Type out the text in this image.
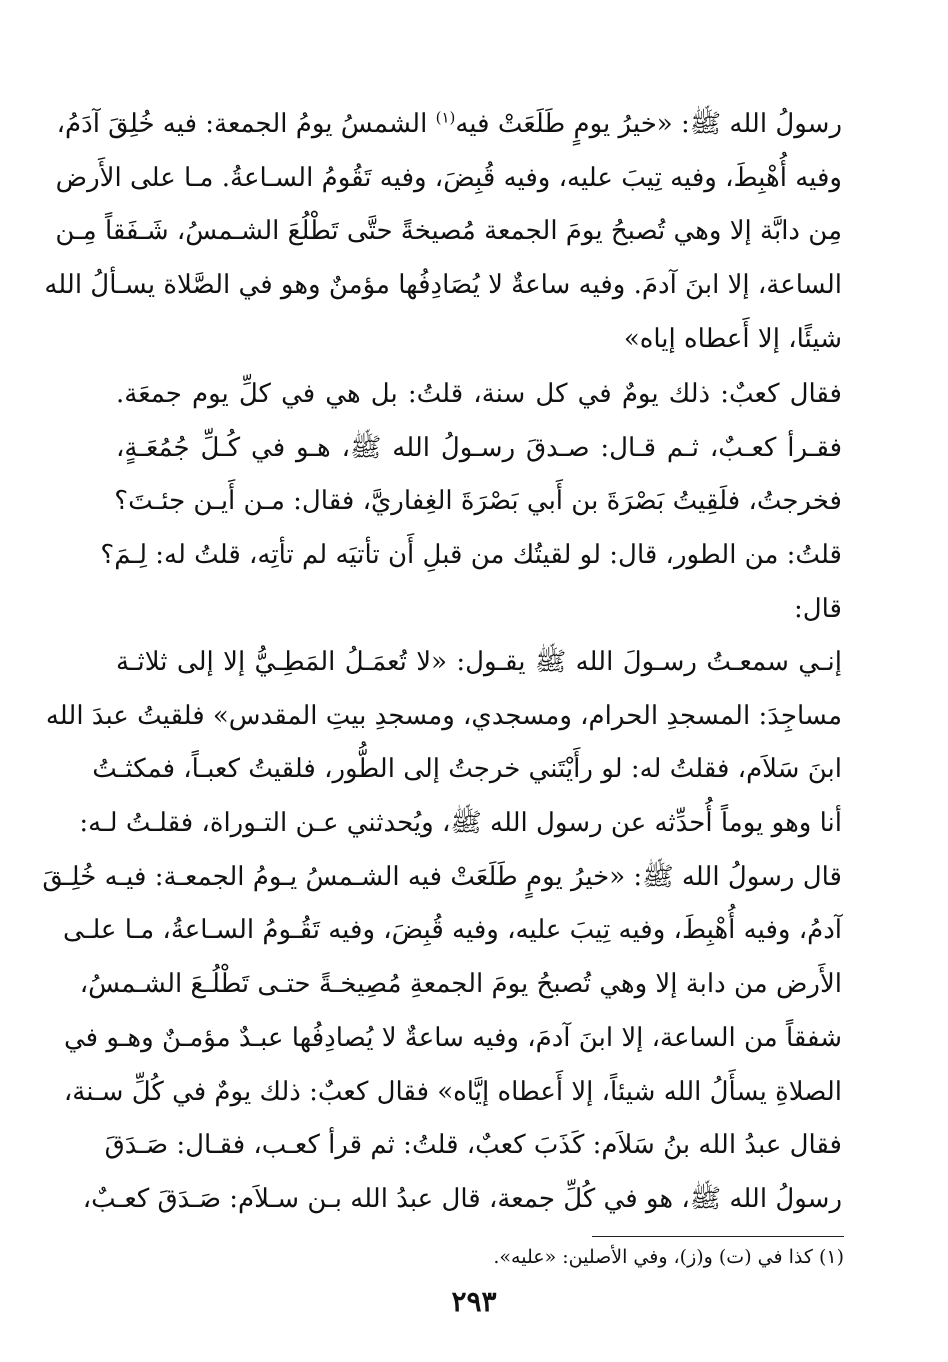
رسولُ الله ﷺ: «خيرُ يومٍ طَلَعَتْ فيه$^{(١)}$ الشمسُ يومُ الجمعة: فيه خُلِقَ آدَمُ،
وفيه أُهْبِطَ، وفيه تِيبَ عليه، وفيه قُبِضَ، وفيه تَقُومُ السـاعةُ. مـا على الأَرض
مِن دابَّة إلا وهي تُصبحُ يومَ الجمعة مُصيخةً حتَّى تَطْلُعَ الشـمسُ، شَـفَقاً مِـن
الساعة، إلا ابنَ آدمَ. وفيه ساعةٌ لا يُصَادِفُها مؤمنٌ وهو في الصَّلاة يسـألُ الله
شيئًا، إلا أَعطاه إياه»
فقال كعبٌ: ذلك يومٌ في كل سنة، قلتُ: بل هي في كلِّ يوم جمعَة.
فقـرأ كعـبٌ، ثـم قـال: صـدقَ رسـولُ الله ﷺ، هـو في كُـلِّ جُمُعَـةٍ،
فخرجتُ، فلَقِيتُ بَصْرَةَ بن أَبي بَصْرَةَ الغِفاريَّ، فقال: مـن أَيـن جئـتَ؟
قلتُ: من الطور، قال: لو لقيتُك من قبلِ أَن تأتيَه لم تأتِه، قلتُ له: لِـمَ؟
قال:
إنـي سمعـتُ رسـولَ الله ﷺ يقـول: «لا تُعمَـلُ المَطِـيُّ إلا إلى ثلاثـة
مساجِدَ: المسجدِ الحرام، ومسجدي، ومسجدِ بيتِ المقدس» فلقيتُ عبدَ الله
ابنَ سَلاَم، فقلتُ له: لو رأَيْتَني خرجتُ إلى الطُّور، فلقيتُ كعبـاً، فمكثـتُ
أنا وهو يوماً أُحدِّثه عن رسول الله ﷺ، ويُحدثني عـن التـوراة، فقلـتُ لـه:
قال رسولُ الله ﷺ: «خيرُ يومٍ طَلَعَتْ فيه الشـمسُ يـومُ الجمعـة: فيـه خُلِـقَ
آدمُ، وفيه أُهْبِطَ، وفيه تِيبَ عليه، وفيه قُبِضَ، وفيه تَقُـومُ السـاعةُ، مـا علـى
الأَرض من دابة إلا وهي تُصبحُ يومَ الجمعةِ مُصِيخـةً حتـى تَطْلُـعَ الشـمسُ،
شفقاً من الساعة، إلا ابنَ آدمَ، وفيه ساعةٌ لا يُصادِفُها عبـدٌ مؤمـنٌ وهـو في
الصلاةِ يسأَلُ الله شيئاً، إلا أَعطاه إيَّاه» فقال كعبٌ: ذلك يومٌ في كُلِّ سـنة،
فقال عبدُ الله بنُ سَلاَم: كَذَبَ كعبٌ، قلتُ: ثم قرأ كعـب، فقـال: صَـدَقَ
رسولُ الله ﷺ، هو في كُلِّ جمعة، قال عبدُ الله بـن سـلاَم: صَـدَقَ كعـبٌ،
(١) كذا في (ت) و(ز)، وفي الأصلين: «عليه».
٢٩٣
